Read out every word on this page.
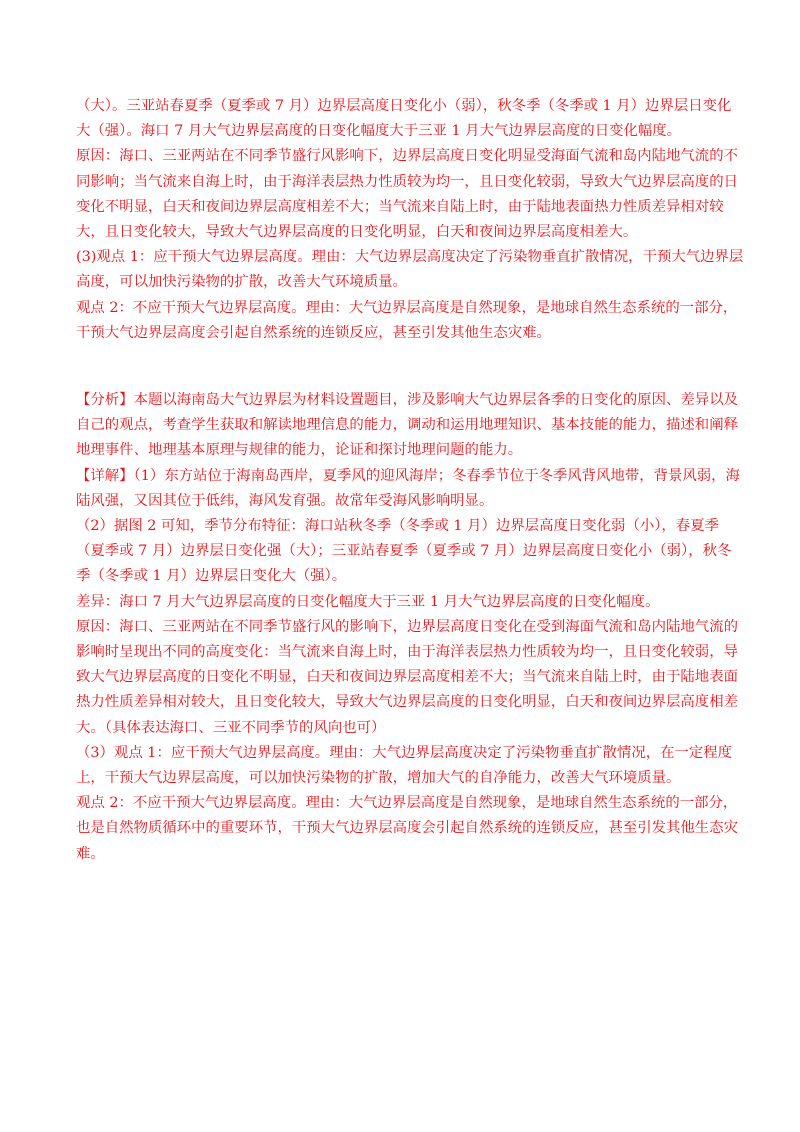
（大）。三亚站春夏季（夏季或 7 月）边界层高度日变化小（弱），秋冬季（冬季或 1 月）边界层日变化大（强）。海口 7 月大气边界层高度的日变化幅度大于三亚 1 月大气边界层高度的日变化幅度。

原因：海口、三亚两站在不同季节盛行风影响下，边界层高度日变化明显受海面气流和岛内陆地气流的不同影响；当气流来自海上时，由于海洋表层热力性质较为均一，且日变化较弱，导致大气边界层高度的日变化不明显，白天和夜间边界层高度相差不大；当气流来自陆上时，由于陆地表面热力性质差异相对较大，且日变化较大，导致大气边界层高度的日变化明显，白天和夜间边界层高度相差大。

(3)观点 1：应干预大气边界层高度。理由：大气边界层高度决定了污染物垂直扩散情况，干预大气边界层高度，可以加快污染物的扩散，改善大气环境质量。

观点 2：不应干预大气边界层高度。理由：大气边界层高度是自然现象，是地球自然生态系统的一部分，干预大气边界层高度会引起自然系统的连锁反应，甚至引发其他生态灾难。

【分析】本题以海南岛大气边界层为材料设置题目，涉及影响大气边界层各季的日变化的原因、差异以及自己的观点，考查学生获取和解读地理信息的能力，调动和运用地理知识、基本技能的能力，描述和阐释地理事件、地理基本原理与规律的能力，论证和探讨地理问题的能力。

【详解】（1）东方站位于海南岛西岸，夏季风的迎风海岸；冬春季节位于冬季风背风地带，背景风弱，海陆风强，又因其位于低纬，海风发育强。故常年受海风影响明显。

（2）据图 2 可知，季节分布特征：海口站秋冬季（冬季或 1 月）边界层高度日变化弱（小），春夏季（夏季或 7 月）边界层日变化强（大）；三亚站春夏季（夏季或 7 月）边界层高度日变化小（弱），秋冬季（冬季或 1 月）边界层日变化大（强）。

差异：海口 7 月大气边界层高度的日变化幅度大于三亚 1 月大气边界层高度的日变化幅度。

原因：海口、三亚两站在不同季节盛行风的影响下，边界层高度日变化在受到海面气流和岛内陆地气流的影响时呈现出不同的高度变化：当气流来自海上时，由于海洋表层热力性质较为均一，且日变化较弱，导致大气边界层高度的日变化不明显，白天和夜间边界层高度相差不大；当气流来自陆上时，由于陆地表面热力性质差异相对较大，且日变化较大，导致大气边界层高度的日变化明显，白天和夜间边界层高度相差大。（具体表达海口、三亚不同季节的风向也可）

（3）观点 1：应干预大气边界层高度。理由：大气边界层高度决定了污染物垂直扩散情况，在一定程度上，干预大气边界层高度，可以加快污染物的扩散，增加大气的自净能力，改善大气环境质量。

观点 2：不应干预大气边界层高度。理由：大气边界层高度是自然现象，是地球自然生态系统的一部分，也是自然物质循环中的重要环节，干预大气边界层高度会引起自然系统的连锁反应，甚至引发其他生态灾难。
